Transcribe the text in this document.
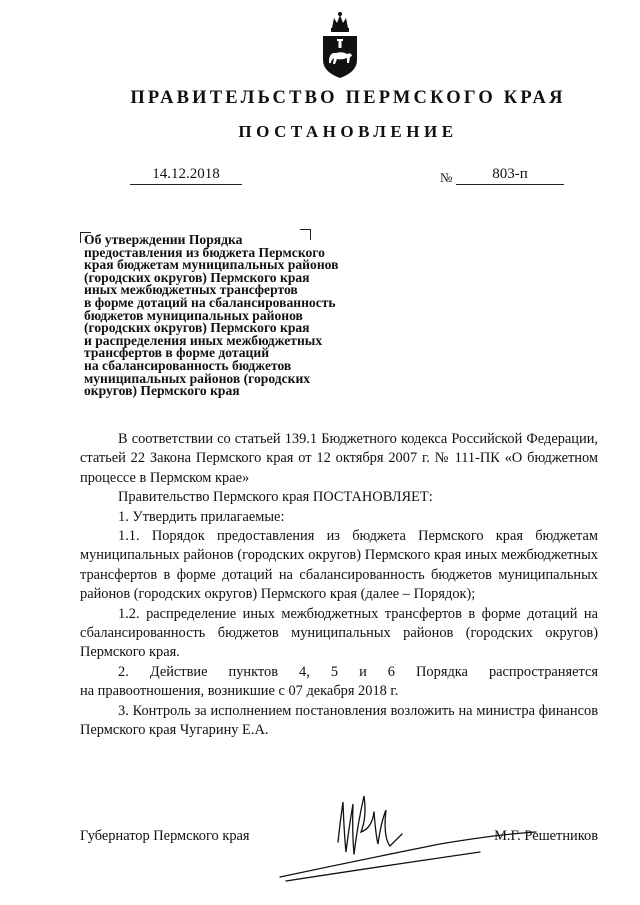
ПРАВИТЕЛЬСТВО ПЕРМСКОГО КРАЯ
ПОСТАНОВЛЕНИЕ
14.12.2018	№	803-п
Об утверждении Порядка
предоставления из бюджета Пермского
края бюджетам муниципальных районов
(городских округов) Пермского края
иных межбюджетных трансфертов
в форме дотаций на сбалансированность
бюджетов муниципальных районов
(городских округов) Пермского края
и распределения иных межбюджетных
трансфертов в форме дотаций
на сбалансированность бюджетов
муниципальных районов (городских
округов) Пермского края
В соответствии со статьей 139.1 Бюджетного кодекса Российской Федерации, статьей 22 Закона Пермского края от 12 октября 2007 г. № 111-ПК «О бюджетном процессе в Пермском крае»
Правительство Пермского края ПОСТАНОВЛЯЕТ:
1. Утвердить прилагаемые:
1.1. Порядок предоставления из бюджета Пермского края бюджетам муниципальных районов (городских округов) Пермского края иных межбюджетных трансфертов в форме дотаций на сбалансированность бюджетов муниципальных районов (городских округов) Пермского края (далее – Порядок);
1.2. распределение иных межбюджетных трансфертов в форме дотаций на сбалансированность бюджетов муниципальных районов (городских округов) Пермского края.
2. Действие пунктов 4, 5 и 6 Порядка распространяется
на правоотношения, возникшие с 07 декабря 2018 г.
3. Контроль за исполнением постановления возложить на министра финансов Пермского края Чугарину Е.А.
Губернатор Пермского края	М.Г. Решетников
